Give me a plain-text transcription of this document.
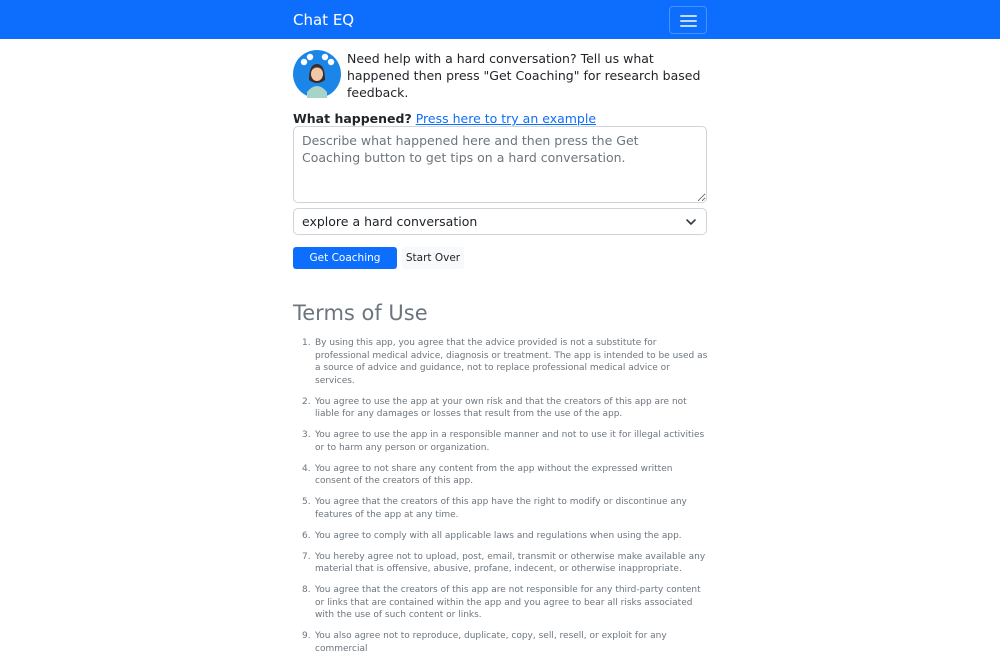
Chat EQ

Need help with a hard conversation? Tell us what happened then press "Get Coaching" for research based feedback.

What happened? Press here to try an example
Describe what happened here and then press the Get Coaching button to get tips on a hard conversation.
explore a hard conversation
Get Coaching	Start Over
Terms of Use
1. By using this app, you agree that the advice provided is not a substitute for professional medical advice, diagnosis or treatment. The app is intended to be used as a source of advice and guidance, not to replace professional medical advice or services.
2. You agree to use the app at your own risk and that the creators of this app are not liable for any damages or losses that result from the use of the app.
3. You agree to use the app in a responsible manner and not to use it for illegal activities or to harm any person or organization.
4. You agree to not share any content from the app without the expressed written consent of the creators of this app.
5. You agree that the creators of this app have the right to modify or discontinue any features of the app at any time.
6. You agree to comply with all applicable laws and regulations when using the app.
7. You hereby agree not to upload, post, email, transmit or otherwise make available any material that is offensive, abusive, profane, indecent, or otherwise inappropriate.
8. You agree that the creators of this app are not responsible for any third-party content or links that are contained within the app and you agree to bear all risks associated with the use of such content or links.
9. You also agree not to reproduce, duplicate, copy, sell, resell, or exploit for any commercial
